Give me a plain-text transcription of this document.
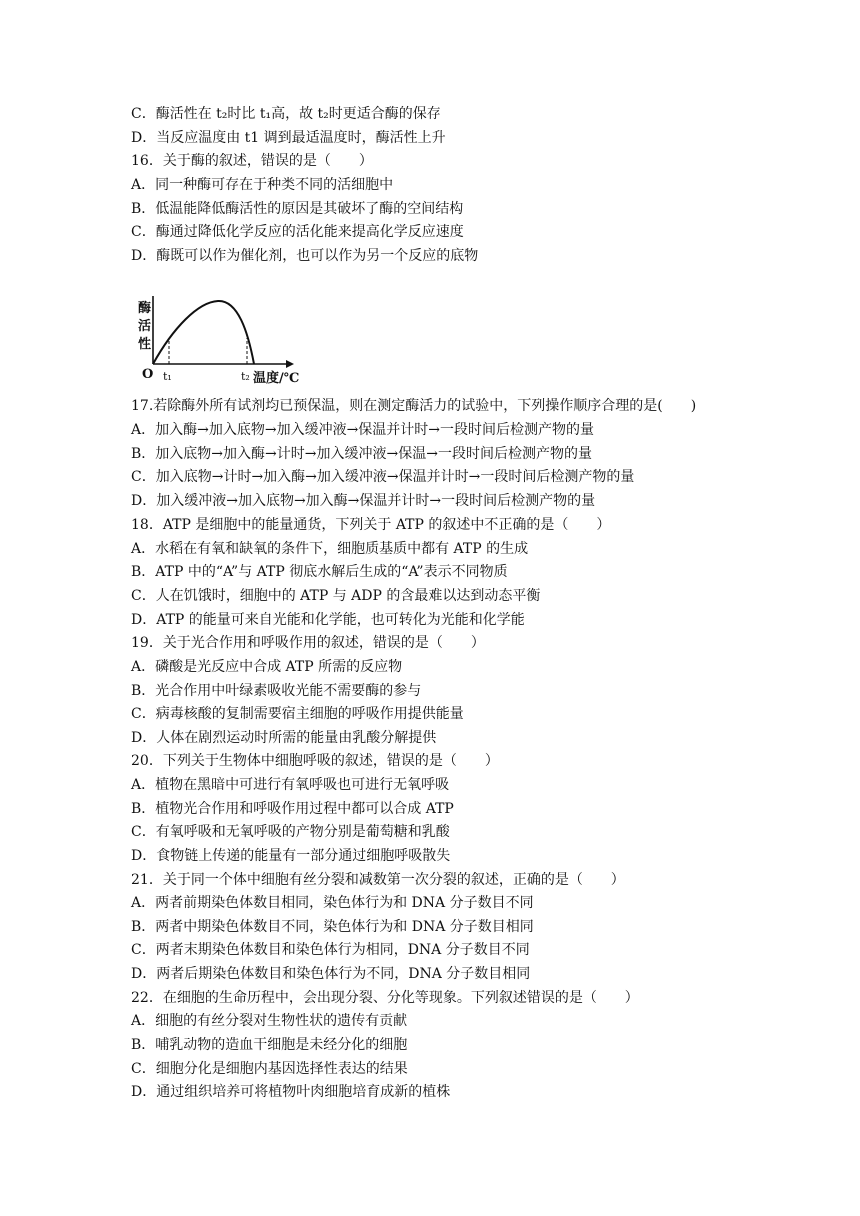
C．酶活性在 t₂时比 t₁高，故 t₂时更适合酶的保存
D．当反应温度由 t1 调到最适温度时，酶活性上升
16．关于酶的叙述，错误的是（　　）
A．同一种酶可存在于种类不同的活细胞中
B．低温能降低酶活性的原因是其破坏了酶的空间结构
C．酶通过降低化学反应的活化能来提高化学反应速度
D．酶既可以作为催化剂，也可以作为另一个反应的底物
酶
活
性
O t₁	t₂ 温度/℃
17.若除酶外所有试剂均已预保温，则在测定酶活力的试验中，下列操作顺序合理的是(　　)
A．加入酶→加入底物→加入缓冲液→保温并计时→一段时间后检测产物的量
B．加入底物→加入酶→计时→加入缓冲液→保温→一段时间后检测产物的量
C．加入底物→计时→加入酶→加入缓冲液→保温并计时→一段时间后检测产物的量
D．加入缓冲液→加入底物→加入酶→保温并计时→一段时间后检测产物的量
18．ATP 是细胞中的能量通货，下列关于 ATP 的叙述中不正确的是（　　）
A．水稻在有氧和缺氧的条件下，细胞质基质中都有 ATP 的生成
B．ATP 中的“A”与 ATP 彻底水解后生成的“A”表示不同物质
C．人在饥饿时，细胞中的 ATP 与 ADP 的含最难以达到动态平衡
D．ATP 的能量可来自光能和化学能，也可转化为光能和化学能
19．关于光合作用和呼吸作用的叙述，错误的是（　　）
A．磷酸是光反应中合成 ATP 所需的反应物
B．光合作用中叶绿素吸收光能不需要酶的参与
C．病毒核酸的复制需要宿主细胞的呼吸作用提供能量
D．人体在剧烈运动时所需的能量由乳酸分解提供
20．下列关于生物体中细胞呼吸的叙述，错误的是（　　）
A．植物在黑暗中可进行有氧呼吸也可进行无氧呼吸
B．植物光合作用和呼吸作用过程中都可以合成 ATP
C．有氧呼吸和无氧呼吸的产物分别是葡萄糖和乳酸
D．食物链上传递的能量有一部分通过细胞呼吸散失
21．关于同一个体中细胞有丝分裂和减数第一次分裂的叙述，正确的是（　　）
A．两者前期染色体数目相同，染色体行为和 DNA 分子数目不同
B．两者中期染色体数目不同，染色体行为和 DNA 分子数目相同
C．两者末期染色体数目和染色体行为相同，DNA 分子数目不同
D．两者后期染色体数目和染色体行为不同，DNA 分子数目相同
22．在细胞的生命历程中，会出现分裂、分化等现象。下列叙述错误的是（　　）
A．细胞的有丝分裂对生物性状的遗传有贡献
B．哺乳动物的造血干细胞是未经分化的细胞
C．细胞分化是细胞内基因选择性表达的结果
D．通过组织培养可将植物叶肉细胞培育成新的植株
